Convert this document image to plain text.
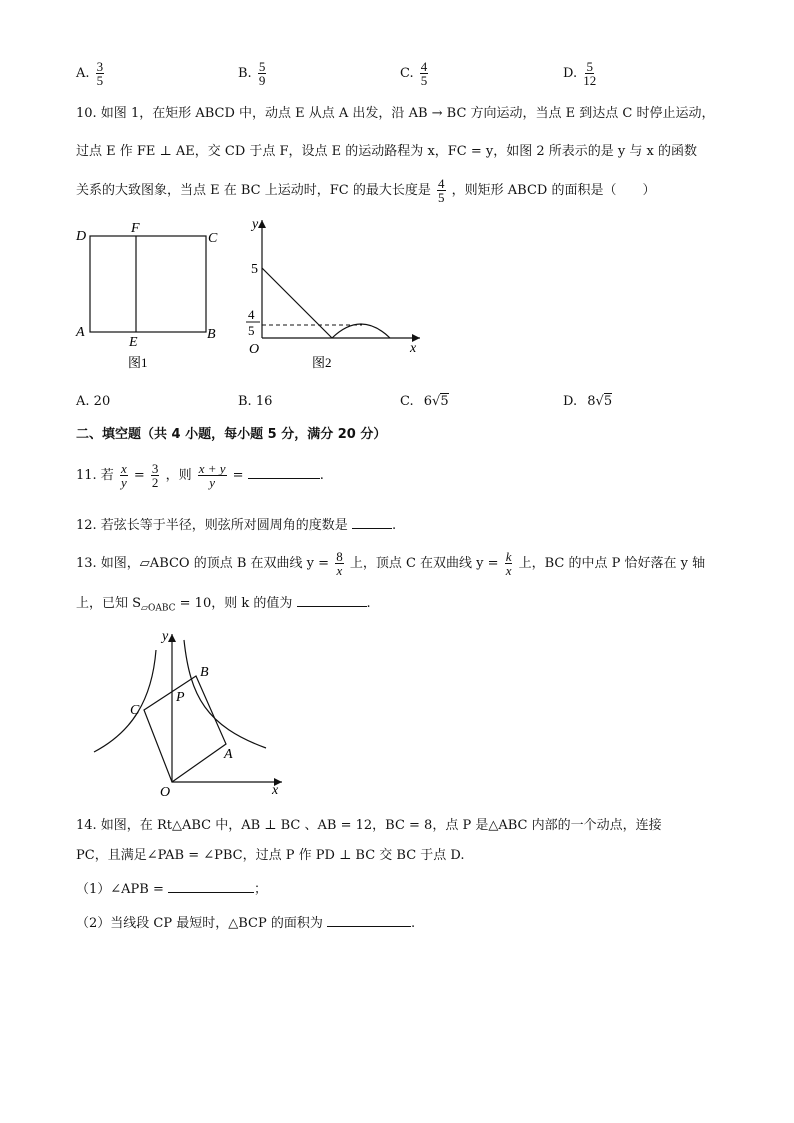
A. $\frac{3}{5}$	B. $\frac{5}{9}$	C. $\frac{4}{5}$	D. $\frac{5}{12}$
10. 如图 1，在矩形 ABCD 中，动点 E 从点 A 出发，沿 AB → BC 方向运动，当点 E 到达点 C 时停止运动，
过点 E 作 FE ⊥ AE，交 CD 于点 F，设点 E 的运动路程为 x，FC = y，如图 2 所表示的是 y 与 x 的函数
关系的大致图象，当点 E 在 BC 上运动时，FC 的最大长度是 $\frac{4}{5}$ ，则矩形 ABCD 的面积是（　　）
D
F
C
A
E
B
图1
y
x
O
5
4
5
图2
A. 20	B. 16	C. 6√5	D. 8√5
二、填空题（共 4 小题，每小题 5 分，满分 20 分）
11. 若 $\frac{x}{y} = \frac{3}{2}$ ，则 $\frac{x + y}{y}$ =	.
12. 若弦长等于半径，则弦所对圆周角的度数是	.
13. 如图，▱ABCO 的顶点 B 在双曲线 $y = \frac{8}{x}$ 上，顶点 C 在双曲线 $y = \frac{k}{x}$ 上，BC 的中点 P 恰好落在 y 轴
上，已知 $S_{▱OABC} = 10$，则 k 的值为	.
B
C
P
A
O	x
y
14. 如图，在 Rt△ABC 中，AB ⊥ BC 、AB = 12，BC = 8，点 P 是△ABC 内部的一个动点，连接
PC，且满足∠PAB = ∠PBC，过点 P 作 PD ⊥ BC 交 BC 于点 D.
（1）∠APB =	；
（2）当线段 CP 最短时，△BCP 的面积为	.
